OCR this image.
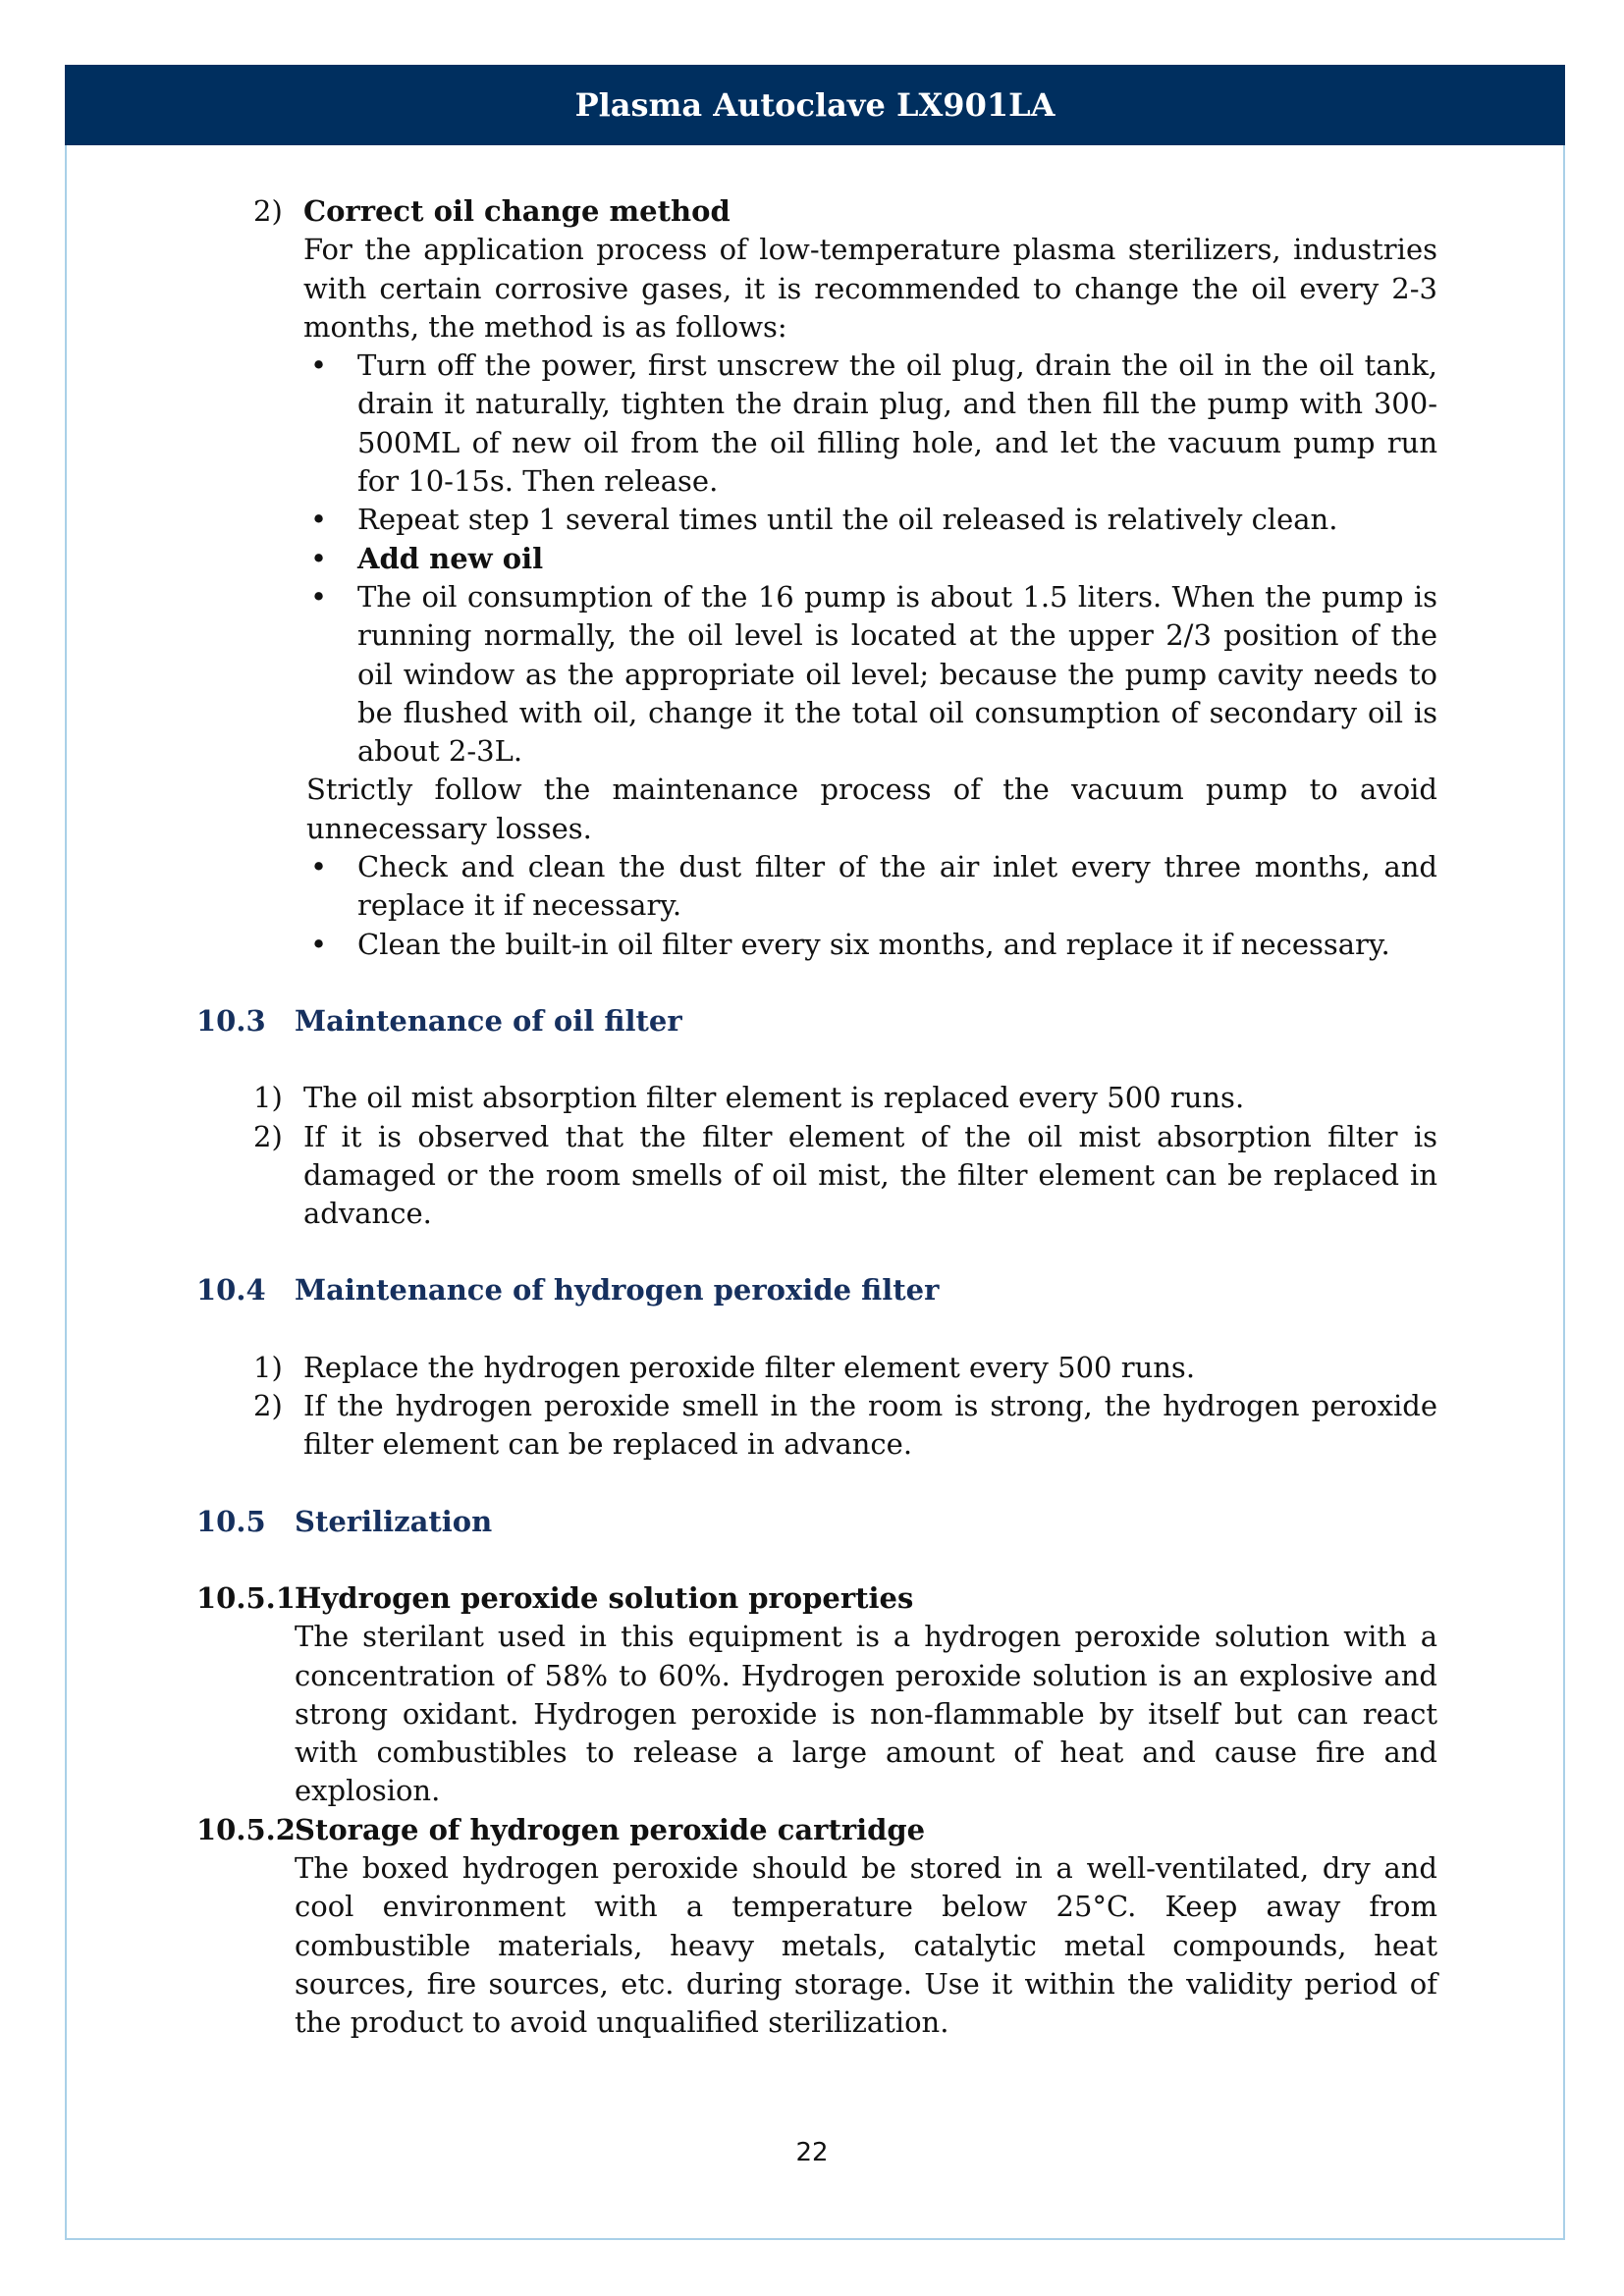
Plasma Autoclave LX901LA

2) Correct oil change method

For the application process of low-temperature plasma sterilizers, industries with certain corrosive gases, it is recommended to change the oil every 2-3 months, the method is as follows:

• Turn off the power, first unscrew the oil plug, drain the oil in the oil tank, drain it naturally, tighten the drain plug, and then fill the pump with 300-500ML of new oil from the oil filling hole, and let the vacuum pump run for 10-15s. Then release.

• Repeat step 1 several times until the oil released is relatively clean.

• Add new oil

• The oil consumption of the 16 pump is about 1.5 liters. When the pump is running normally, the oil level is located at the upper 2/3 position of the oil window as the appropriate oil level; because the pump cavity needs to be flushed with oil, change it the total oil consumption of secondary oil is about 2-3L.

Strictly follow the maintenance process of the vacuum pump to avoid unnecessary losses.

• Check and clean the dust filter of the air inlet every three months, and replace it if necessary.

• Clean the built-in oil filter every six months, and replace it if necessary.

10.3 Maintenance of oil filter

1) The oil mist absorption filter element is replaced every 500 runs.

2) If it is observed that the filter element of the oil mist absorption filter is damaged or the room smells of oil mist, the filter element can be replaced in advance.

10.4 Maintenance of hydrogen peroxide filter

1) Replace the hydrogen peroxide filter element every 500 runs.

2) If the hydrogen peroxide smell in the room is strong, the hydrogen peroxide filter element can be replaced in advance.

10.5 Sterilization

10.5.1 Hydrogen peroxide solution properties

The sterilant used in this equipment is a hydrogen peroxide solution with a concentration of 58% to 60%. Hydrogen peroxide solution is an explosive and strong oxidant. Hydrogen peroxide is non-flammable by itself but can react with combustibles to release a large amount of heat and cause fire and explosion.

10.5.2 Storage of hydrogen peroxide cartridge

The boxed hydrogen peroxide should be stored in a well-ventilated, dry and cool environment with a temperature below 25°C. Keep away from combustible materials, heavy metals, catalytic metal compounds, heat sources, fire sources, etc. during storage. Use it within the validity period of the product to avoid unqualified sterilization.

22
